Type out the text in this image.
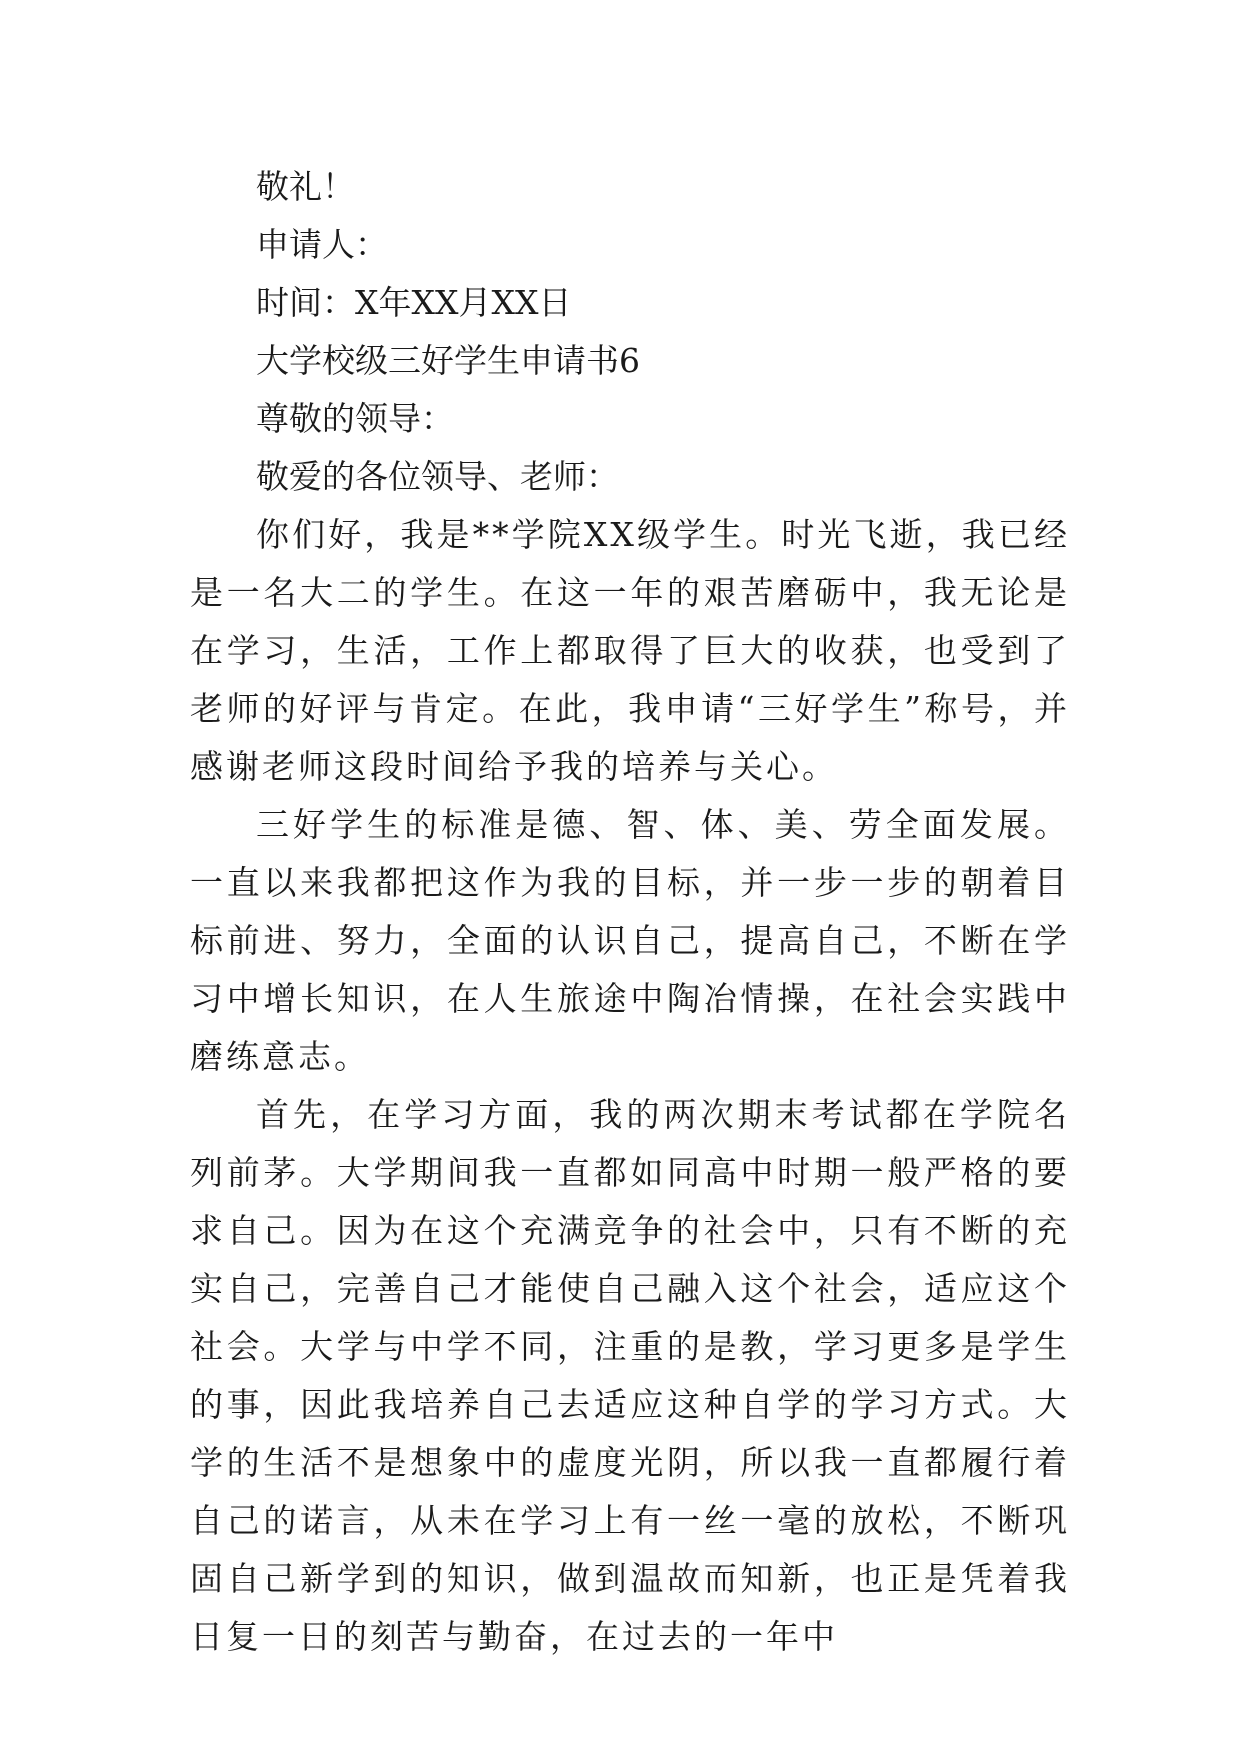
敬礼！

申请人：

时间：X年XX月XX日

大学校级三好学生申请书6

尊敬的领导：

敬爱的各位领导、老师：

你们好，我是**学院XX级学生。时光飞逝，我已经是一名大二的学生。在这一年的艰苦磨砺中，我无论是在学习，生活，工作上都取得了巨大的收获，也受到了老师的好评与肯定。在此，我申请“三好学生”称号，并感谢老师这段时间给予我的培养与关心。

三好学生的标准是德、智、体、美、劳全面发展。一直以来我都把这作为我的目标，并一步一步的朝着目标前进、努力，全面的认识自己，提高自己，不断在学习中增长知识，在人生旅途中陶冶情操，在社会实践中磨练意志。

首先，在学习方面，我的两次期末考试都在学院名列前茅。大学期间我一直都如同高中时期一般严格的要求自己。因为在这个充满竞争的社会中，只有不断的充实自己，完善自己才能使自己融入这个社会，适应这个社会。大学与中学不同，注重的是教，学习更多是学生的事，因此我培养自己去适应这种自学的学习方式。大学的生活不是想象中的虚度光阴，所以我一直都履行着自己的诺言，从未在学习上有一丝一毫的放松，不断巩固自己新学到的知识，做到温故而知新，也正是凭着我日复一日的刻苦与勤奋，在过去的一年中
